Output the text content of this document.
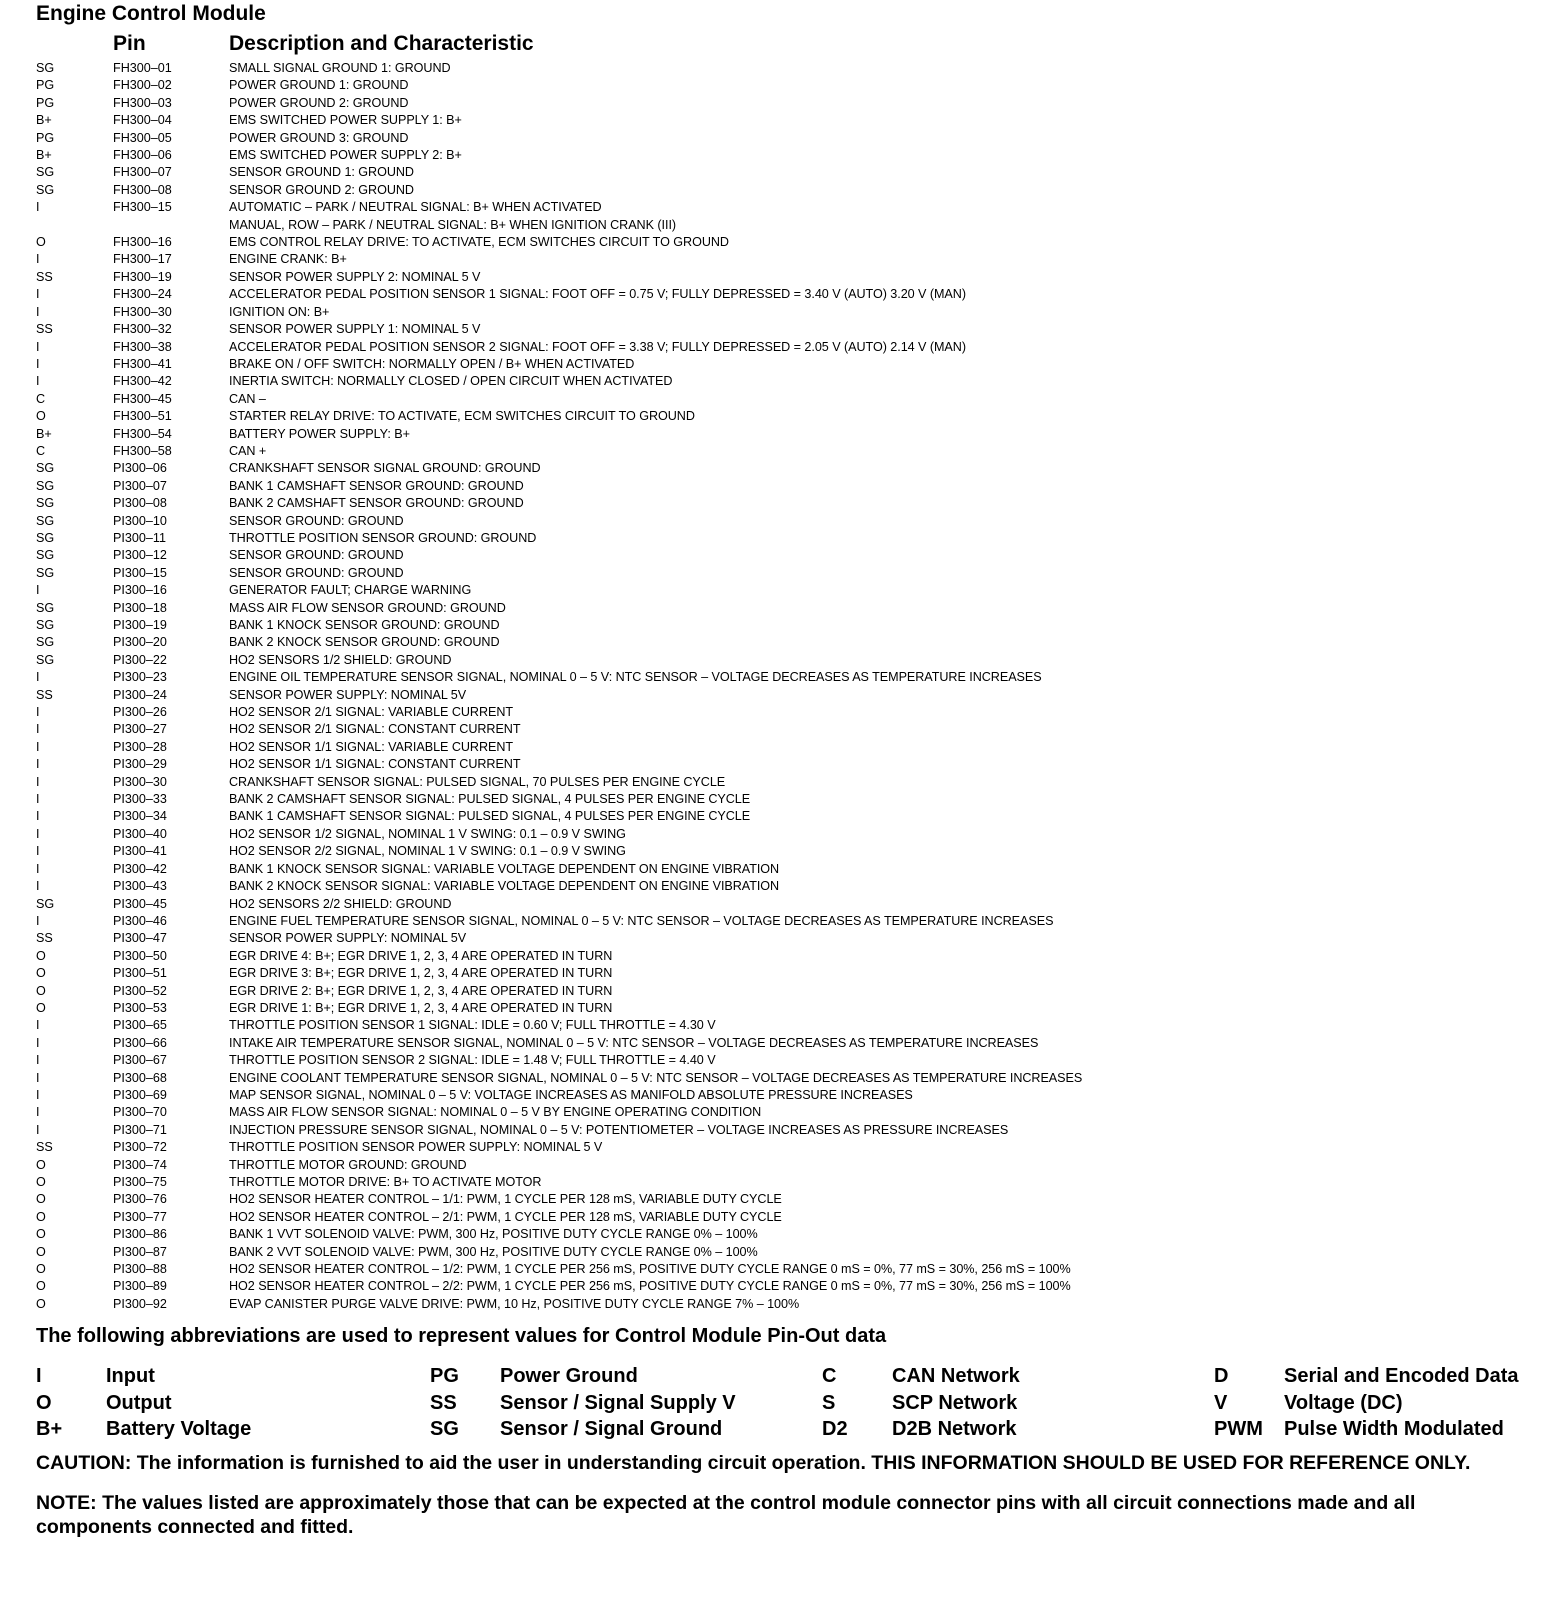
Engine Control Module
Pin	Description and Characteristic
SG	FH300–01	SMALL SIGNAL GROUND 1: GROUND
PG	FH300–02	POWER GROUND 1: GROUND
PG	FH300–03	POWER GROUND 2: GROUND
B+	FH300–04	EMS SWITCHED POWER SUPPLY 1: B+
PG	FH300–05	POWER GROUND 3: GROUND
B+	FH300–06	EMS SWITCHED POWER SUPPLY 2: B+
SG	FH300–07	SENSOR GROUND 1: GROUND
SG	FH300–08	SENSOR GROUND 2: GROUND
I	FH300–15	AUTOMATIC – PARK / NEUTRAL SIGNAL: B+ WHEN ACTIVATED
MANUAL, ROW – PARK / NEUTRAL SIGNAL: B+ WHEN IGNITION CRANK (III)
O	FH300–16	EMS CONTROL RELAY DRIVE: TO ACTIVATE, ECM SWITCHES CIRCUIT TO GROUND
I	FH300–17	ENGINE CRANK: B+
SS	FH300–19	SENSOR POWER SUPPLY 2: NOMINAL 5 V
I	FH300–24	ACCELERATOR PEDAL POSITION SENSOR 1 SIGNAL: FOOT OFF = 0.75 V; FULLY DEPRESSED = 3.40 V (AUTO) 3.20 V (MAN)
I	FH300–30	IGNITION ON: B+
SS	FH300–32	SENSOR POWER SUPPLY 1: NOMINAL 5 V
I	FH300–38	ACCELERATOR PEDAL POSITION SENSOR 2 SIGNAL: FOOT OFF = 3.38 V; FULLY DEPRESSED = 2.05 V (AUTO) 2.14 V (MAN)
I	FH300–41	BRAKE ON / OFF SWITCH: NORMALLY OPEN / B+ WHEN ACTIVATED
I	FH300–42	INERTIA SWITCH: NORMALLY CLOSED / OPEN CIRCUIT WHEN ACTIVATED
C	FH300–45	CAN –
O	FH300–51	STARTER RELAY DRIVE: TO ACTIVATE, ECM SWITCHES CIRCUIT TO GROUND
B+	FH300–54	BATTERY POWER SUPPLY: B+
C	FH300–58	CAN +
SG	PI300–06	CRANKSHAFT SENSOR SIGNAL GROUND: GROUND
SG	PI300–07	BANK 1 CAMSHAFT SENSOR GROUND: GROUND
SG	PI300–08	BANK 2 CAMSHAFT SENSOR GROUND: GROUND
SG	PI300–10	SENSOR GROUND: GROUND
SG	PI300–11	THROTTLE POSITION SENSOR GROUND: GROUND
SG	PI300–12	SENSOR GROUND: GROUND
SG	PI300–15	SENSOR GROUND: GROUND
I	PI300–16	GENERATOR FAULT; CHARGE WARNING
SG	PI300–18	MASS AIR FLOW SENSOR GROUND: GROUND
SG	PI300–19	BANK 1 KNOCK SENSOR GROUND: GROUND
SG	PI300–20	BANK 2 KNOCK SENSOR GROUND: GROUND
SG	PI300–22	HO2 SENSORS 1/2 SHIELD: GROUND
I	PI300–23	ENGINE OIL TEMPERATURE SENSOR SIGNAL, NOMINAL 0 – 5 V: NTC SENSOR – VOLTAGE DECREASES AS TEMPERATURE INCREASES
SS	PI300–24	SENSOR POWER SUPPLY: NOMINAL 5V
I	PI300–26	HO2 SENSOR 2/1 SIGNAL: VARIABLE CURRENT
I	PI300–27	HO2 SENSOR 2/1 SIGNAL: CONSTANT CURRENT
I	PI300–28	HO2 SENSOR 1/1 SIGNAL: VARIABLE CURRENT
I	PI300–29	HO2 SENSOR 1/1 SIGNAL: CONSTANT CURRENT
I	PI300–30	CRANKSHAFT SENSOR SIGNAL: PULSED SIGNAL, 70 PULSES PER ENGINE CYCLE
I	PI300–33	BANK 2 CAMSHAFT SENSOR SIGNAL: PULSED SIGNAL, 4 PULSES PER ENGINE CYCLE
I	PI300–34	BANK 1 CAMSHAFT SENSOR SIGNAL: PULSED SIGNAL, 4 PULSES PER ENGINE CYCLE
I	PI300–40	HO2 SENSOR 1/2 SIGNAL, NOMINAL 1 V SWING: 0.1 – 0.9 V SWING
I	PI300–41	HO2 SENSOR 2/2 SIGNAL, NOMINAL 1 V SWING: 0.1 – 0.9 V SWING
I	PI300–42	BANK 1 KNOCK SENSOR SIGNAL: VARIABLE VOLTAGE DEPENDENT ON ENGINE VIBRATION
I	PI300–43	BANK 2 KNOCK SENSOR SIGNAL: VARIABLE VOLTAGE DEPENDENT ON ENGINE VIBRATION
SG	PI300–45	HO2 SENSORS 2/2 SHIELD: GROUND
I	PI300–46	ENGINE FUEL TEMPERATURE SENSOR SIGNAL, NOMINAL 0 – 5 V: NTC SENSOR – VOLTAGE DECREASES AS TEMPERATURE INCREASES
SS	PI300–47	SENSOR POWER SUPPLY: NOMINAL 5V
O	PI300–50	EGR DRIVE 4: B+; EGR DRIVE 1, 2, 3, 4 ARE OPERATED IN TURN
O	PI300–51	EGR DRIVE 3: B+; EGR DRIVE 1, 2, 3, 4 ARE OPERATED IN TURN
O	PI300–52	EGR DRIVE 2: B+; EGR DRIVE 1, 2, 3, 4 ARE OPERATED IN TURN
O	PI300–53	EGR DRIVE 1: B+; EGR DRIVE 1, 2, 3, 4 ARE OPERATED IN TURN
I	PI300–65	THROTTLE POSITION SENSOR 1 SIGNAL: IDLE = 0.60 V; FULL THROTTLE = 4.30 V
I	PI300–66	INTAKE AIR TEMPERATURE SENSOR SIGNAL, NOMINAL 0 – 5 V: NTC SENSOR – VOLTAGE DECREASES AS TEMPERATURE INCREASES
I	PI300–67	THROTTLE POSITION SENSOR 2 SIGNAL: IDLE = 1.48 V; FULL THROTTLE = 4.40 V
I	PI300–68	ENGINE COOLANT TEMPERATURE SENSOR SIGNAL, NOMINAL 0 – 5 V: NTC SENSOR – VOLTAGE DECREASES AS TEMPERATURE INCREASES
I	PI300–69	MAP SENSOR SIGNAL, NOMINAL 0 – 5 V: VOLTAGE INCREASES AS MANIFOLD ABSOLUTE PRESSURE INCREASES
I	PI300–70	MASS AIR FLOW SENSOR SIGNAL: NOMINAL 0 – 5 V BY ENGINE OPERATING CONDITION
I	PI300–71	INJECTION PRESSURE SENSOR SIGNAL, NOMINAL 0 – 5 V: POTENTIOMETER – VOLTAGE INCREASES AS PRESSURE INCREASES
SS	PI300–72	THROTTLE POSITION SENSOR POWER SUPPLY: NOMINAL 5 V
O	PI300–74	THROTTLE MOTOR GROUND: GROUND
O	PI300–75	THROTTLE MOTOR DRIVE: B+ TO ACTIVATE MOTOR
O	PI300–76	HO2 SENSOR HEATER CONTROL – 1/1: PWM, 1 CYCLE PER 128 mS, VARIABLE DUTY CYCLE
O	PI300–77	HO2 SENSOR HEATER CONTROL – 2/1: PWM, 1 CYCLE PER 128 mS, VARIABLE DUTY CYCLE
O	PI300–86	BANK 1 VVT SOLENOID VALVE: PWM, 300 Hz, POSITIVE DUTY CYCLE RANGE 0% – 100%
O	PI300–87	BANK 2 VVT SOLENOID VALVE: PWM, 300 Hz, POSITIVE DUTY CYCLE RANGE 0% – 100%
O	PI300–88	HO2 SENSOR HEATER CONTROL – 1/2: PWM, 1 CYCLE PER 256 mS, POSITIVE DUTY CYCLE RANGE 0 mS = 0%, 77 mS = 30%, 256 mS = 100%
O	PI300–89	HO2 SENSOR HEATER CONTROL – 2/2: PWM, 1 CYCLE PER 256 mS, POSITIVE DUTY CYCLE RANGE 0 mS = 0%, 77 mS = 30%, 256 mS = 100%
O	PI300–92	EVAP CANISTER PURGE VALVE DRIVE: PWM, 10 Hz, POSITIVE DUTY CYCLE RANGE 7% – 100%
The following abbreviations are used to represent values for Control Module Pin-Out data
I	Input	PG	Power Ground	C	CAN Network	D	Serial and Encoded Data
O	Output	SS	Sensor / Signal Supply V	S	SCP Network	V	Voltage (DC)
B+	Battery Voltage	SG	Sensor / Signal Ground	D2	D2B Network	PWM	Pulse Width Modulated
CAUTION: The information is furnished to aid the user in understanding circuit operation. THIS INFORMATION SHOULD BE USED FOR REFERENCE ONLY.
NOTE: The values listed are approximately those that can be expected at the control module connector pins with all circuit connections made and all components connected and fitted.
